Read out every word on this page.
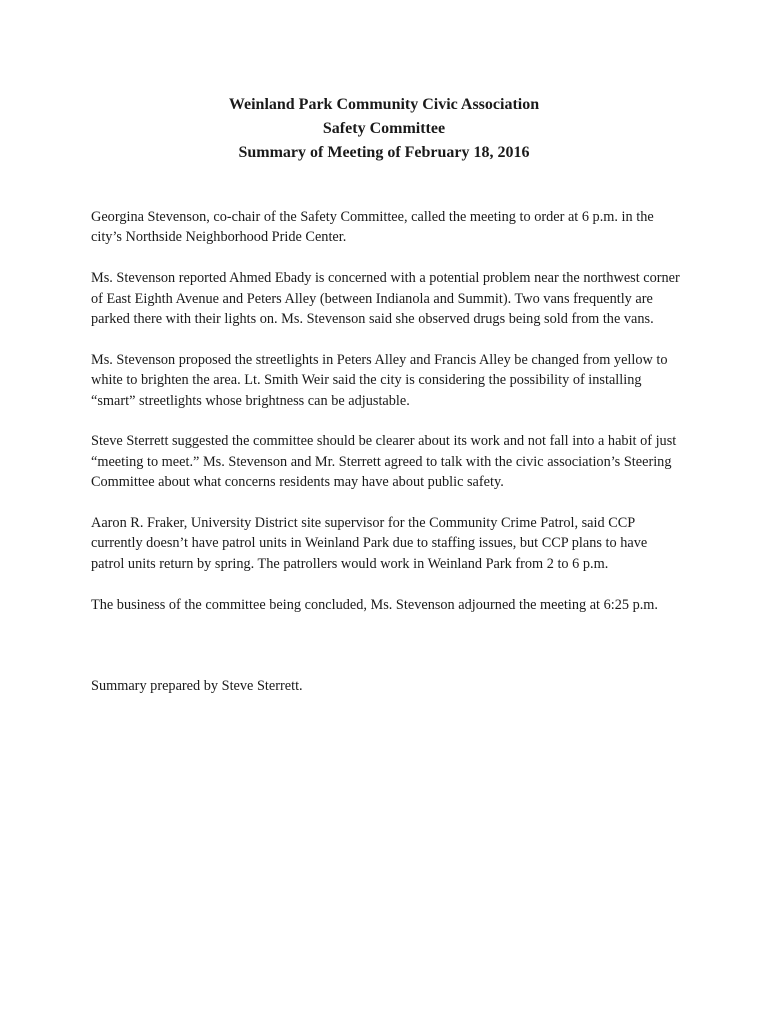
Weinland Park Community Civic Association
Safety Committee
Summary of Meeting of February 18, 2016

Georgina Stevenson, co-chair of the Safety Committee, called the meeting to order at 6 p.m. in the city’s Northside Neighborhood Pride Center.

Ms. Stevenson reported Ahmed Ebady is concerned with a potential problem near the northwest corner of East Eighth Avenue and Peters Alley (between Indianola and Summit). Two vans frequently are parked there with their lights on. Ms. Stevenson said she observed drugs being sold from the vans.

Ms. Stevenson proposed the streetlights in Peters Alley and Francis Alley be changed from yellow to white to brighten the area. Lt. Smith Weir said the city is considering the possibility of installing “smart” streetlights whose brightness can be adjustable.

Steve Sterrett suggested the committee should be clearer about its work and not fall into a habit of just “meeting to meet.” Ms. Stevenson and Mr. Sterrett agreed to talk with the civic association’s Steering Committee about what concerns residents may have about public safety.

Aaron R. Fraker, University District site supervisor for the Community Crime Patrol, said CCP currently doesn’t have patrol units in Weinland Park due to staffing issues, but CCP plans to have patrol units return by spring. The patrollers would work in Weinland Park from 2 to 6 p.m.

The business of the committee being concluded, Ms. Stevenson adjourned the meeting at 6:25 p.m.

Summary prepared by Steve Sterrett.
